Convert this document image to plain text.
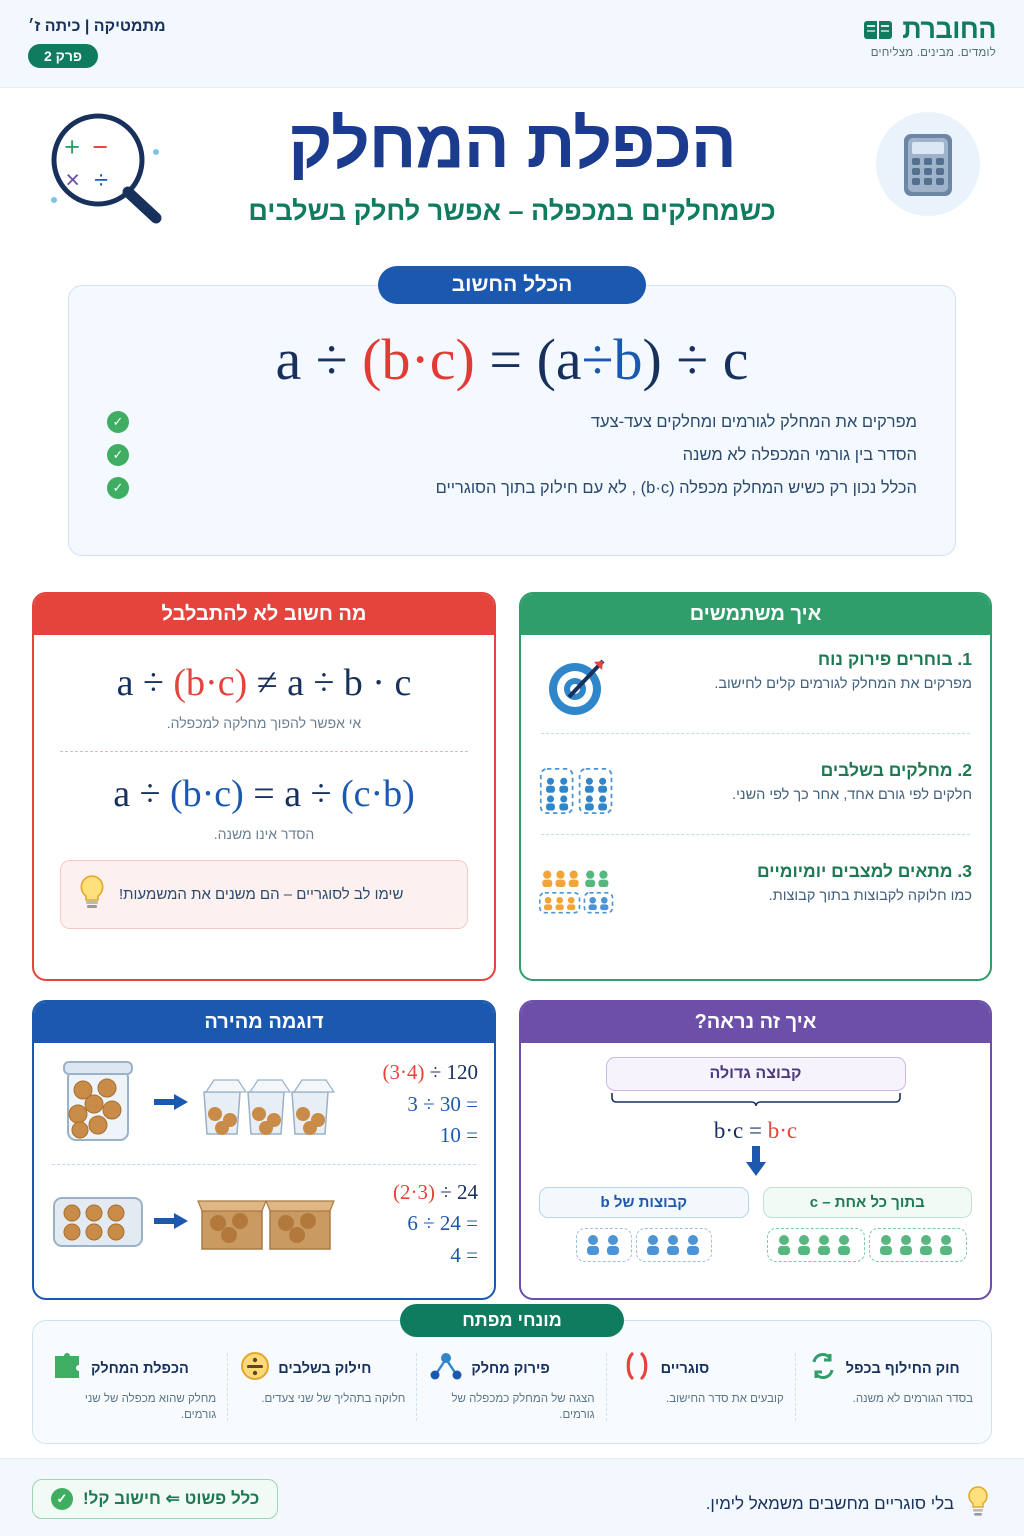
החוברת
לומדים. מבינים. מצליחים
מתמטיקה | כיתה ז׳
פרק 2
הכפלת המחלק
כשמחלקים במכפלה – אפשר לחלק בשלבים
+ −
× ÷
הכלל החשוב
a ÷ (b·c) = (a÷b) ÷ c
מפרקים את המחלק לגורמים ומחלקים צעד-צעד
✓
הסדר בין גורמי המכפלה לא משנה
✓
הכלל נכון רק כשיש המחלק מכפלה (b·c) , לא עם חילוק בתוך הסוגריים
✓
מה חשוב לא להתבלבל
a ÷ (b·c) ≠ a ÷ b · c
אי אפשר להפוך מחלקה למכפלה.
a ÷ (b·c) = a ÷ (c·b)
הסדר אינו משנה.
שימו לב לסוגריים – הם משנים את המשמעות!
איך משתמשים
1. בוחרים פירוק נוח
מפרקים את המחלק לגורמים קלים לחישוב.
2. מחלקים בשלבים
חלקים לפי גורם אחד, אחר כך לפי השני.
3. מתאים למצבים יומיומיים
כמו חלוקה לקבוצות בתוך קבוצות.
דוגמה מהירה
120 ÷ (4·3)
= 30 ÷ 3
= 10
24 ÷ (3·2)
= 24 ÷ 6
= 4
איך זה נראה?
קבוצה גדולה
b·c = b·c
בתוך כל אחת – c

קבוצות של b

מונחי מפתח
חוק החילוף בכפל
בסדר הגורמים לא משנה.
סוגריים
קובעים את סדר החישוב.
פירוק מחלק
הצגה של המחלק כמכפלה של גורמים.
חילוק בשלבים
חלוקה בתהליך של שני צעדים.
הכפלת המחלק
מחלק שהוא מכפלה של שני גורמים.
בלי סוגריים מחשבים משמאל לימין.
כלל פשוט ⇐ חישוב קל!
✓
